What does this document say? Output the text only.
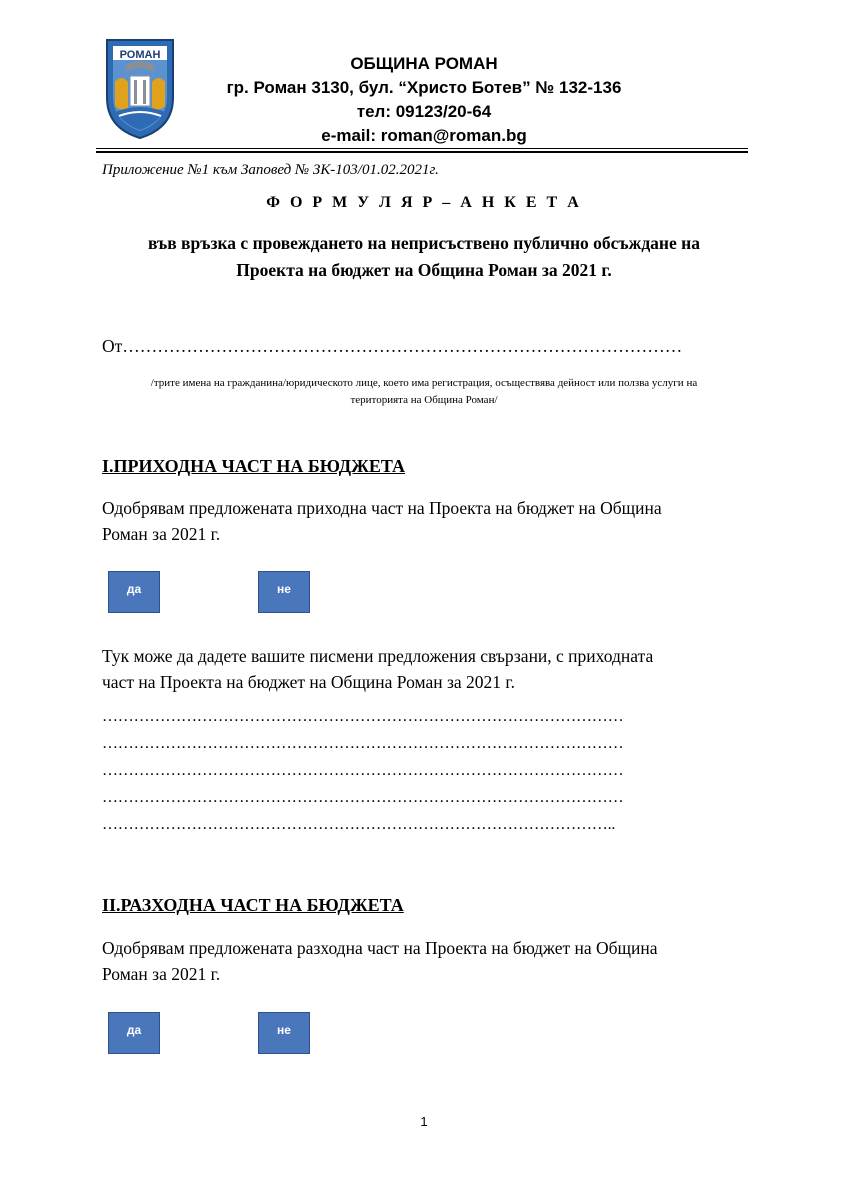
РОМАН	ОБЩИНА РОМАН
гр. Роман 3130, бул. “Христо Ботев” № 132-136
тел: 09123/20-64
e-mail: roman@roman.bg
Приложение №1 към Заповед № ЗК-103/01.02.2021г.
Ф О Р М У Л Я Р – А Н К Е Т А
във връзка с провеждането на неприсъствено публично обсъждане на
Проекта на бюджет на Община Роман за 2021 г.
От……………………………………………………………………………………
/трите имена на гражданина/юридическото лице, което има регистрация, осъществява дейност или ползва услуги на
територията на Община Роман/
I.ПРИХОДНА ЧАСТ НА БЮДЖЕТА
Одобрявам предложената приходна част на Проекта на бюджет на Община
Роман за 2021 г.
да	не
Тук може да дадете вашите писмени предложения свързани, с приходната
част на Проекта на бюджет на Община Роман за 2021 г.
………………………………………………………………………………………
………………………………………………………………………………………
………………………………………………………………………………………
………………………………………………………………………………………
……………………………………………………………………………………..
II.РАЗХОДНА ЧАСТ НА БЮДЖЕТА
Одобрявам предложената разходна част на Проекта на бюджет на Община
Роман за 2021 г.
да	не
1
